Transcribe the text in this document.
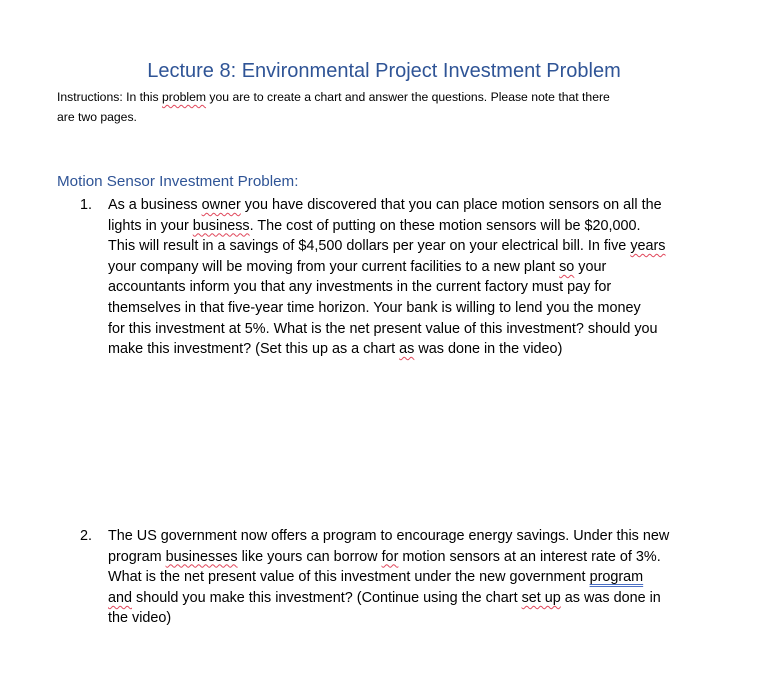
Lecture 8: Environmental Project Investment Problem
Instructions: In this problem you are to create a chart and answer the questions. Please note that there
are two pages.
Motion Sensor Investment Problem:
1.	As a business owner you have discovered that you can place motion sensors on all the
lights in your business. The cost of putting on these motion sensors will be $20,000.
This will result in a savings of $4,500 dollars per year on your electrical bill. In five years
your company will be moving from your current facilities to a new plant so your
accountants inform you that any investments in the current factory must pay for
themselves in that five-year time horizon. Your bank is willing to lend you the money
for this investment at 5%. What is the net present value of this investment? should you
make this investment? (Set this up as a chart as was done in the video)
2.	The US government now offers a program to encourage energy savings. Under this new
program businesses like yours can borrow for motion sensors at an interest rate of 3%.
What is the net present value of this investment under the new government program
and should you make this investment? (Continue using the chart set up as was done in
the video)
